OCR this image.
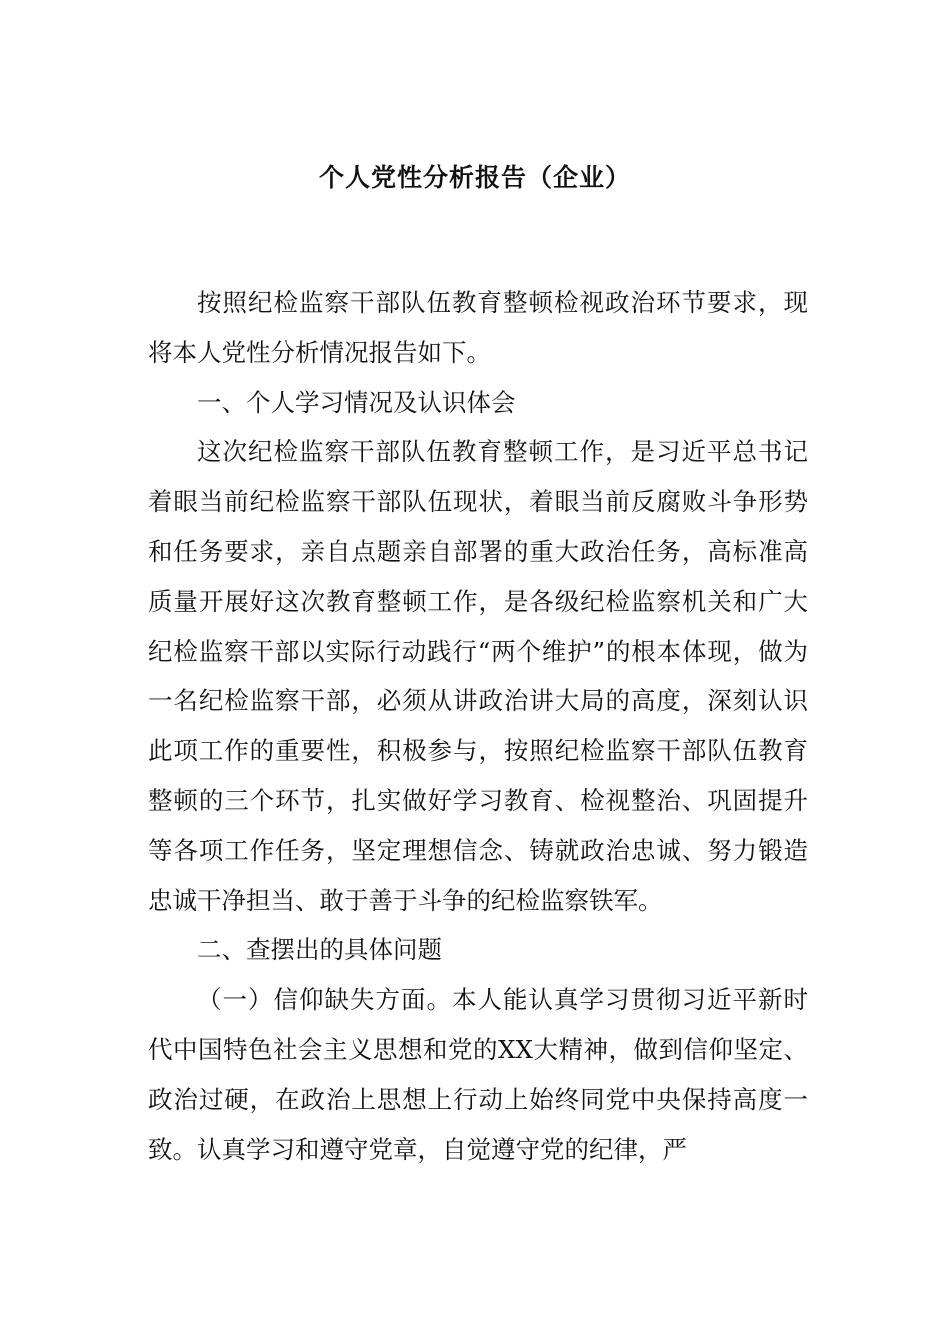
个人党性分析报告（企业）

按照纪检监察干部队伍教育整顿检视政治环节要求，现将本人党性分析情况报告如下。

一、个人学习情况及认识体会

这次纪检监察干部队伍教育整顿工作，是习近平总书记着眼当前纪检监察干部队伍现状，着眼当前反腐败斗争形势和任务要求，亲自点题亲自部署的重大政治任务，高标准高质量开展好这次教育整顿工作，是各级纪检监察机关和广大纪检监察干部以实际行动践行“两个维护”的根本体现，做为一名纪检监察干部，必须从讲政治讲大局的高度，深刻认识此项工作的重要性，积极参与，按照纪检监察干部队伍教育整顿的三个环节，扎实做好学习教育、检视整治、巩固提升等各项工作任务，坚定理想信念、铸就政治忠诚、努力锻造忠诚干净担当、敢于善于斗争的纪检监察铁军。

二、查摆出的具体问题

（一）信仰缺失方面。本人能认真学习贯彻习近平新时代中国特色社会主义思想和党的XX大精神，做到信仰坚定、政治过硬，在政治上思想上行动上始终同党中央保持高度一致。认真学习和遵守党章，自觉遵守党的纪律，严
